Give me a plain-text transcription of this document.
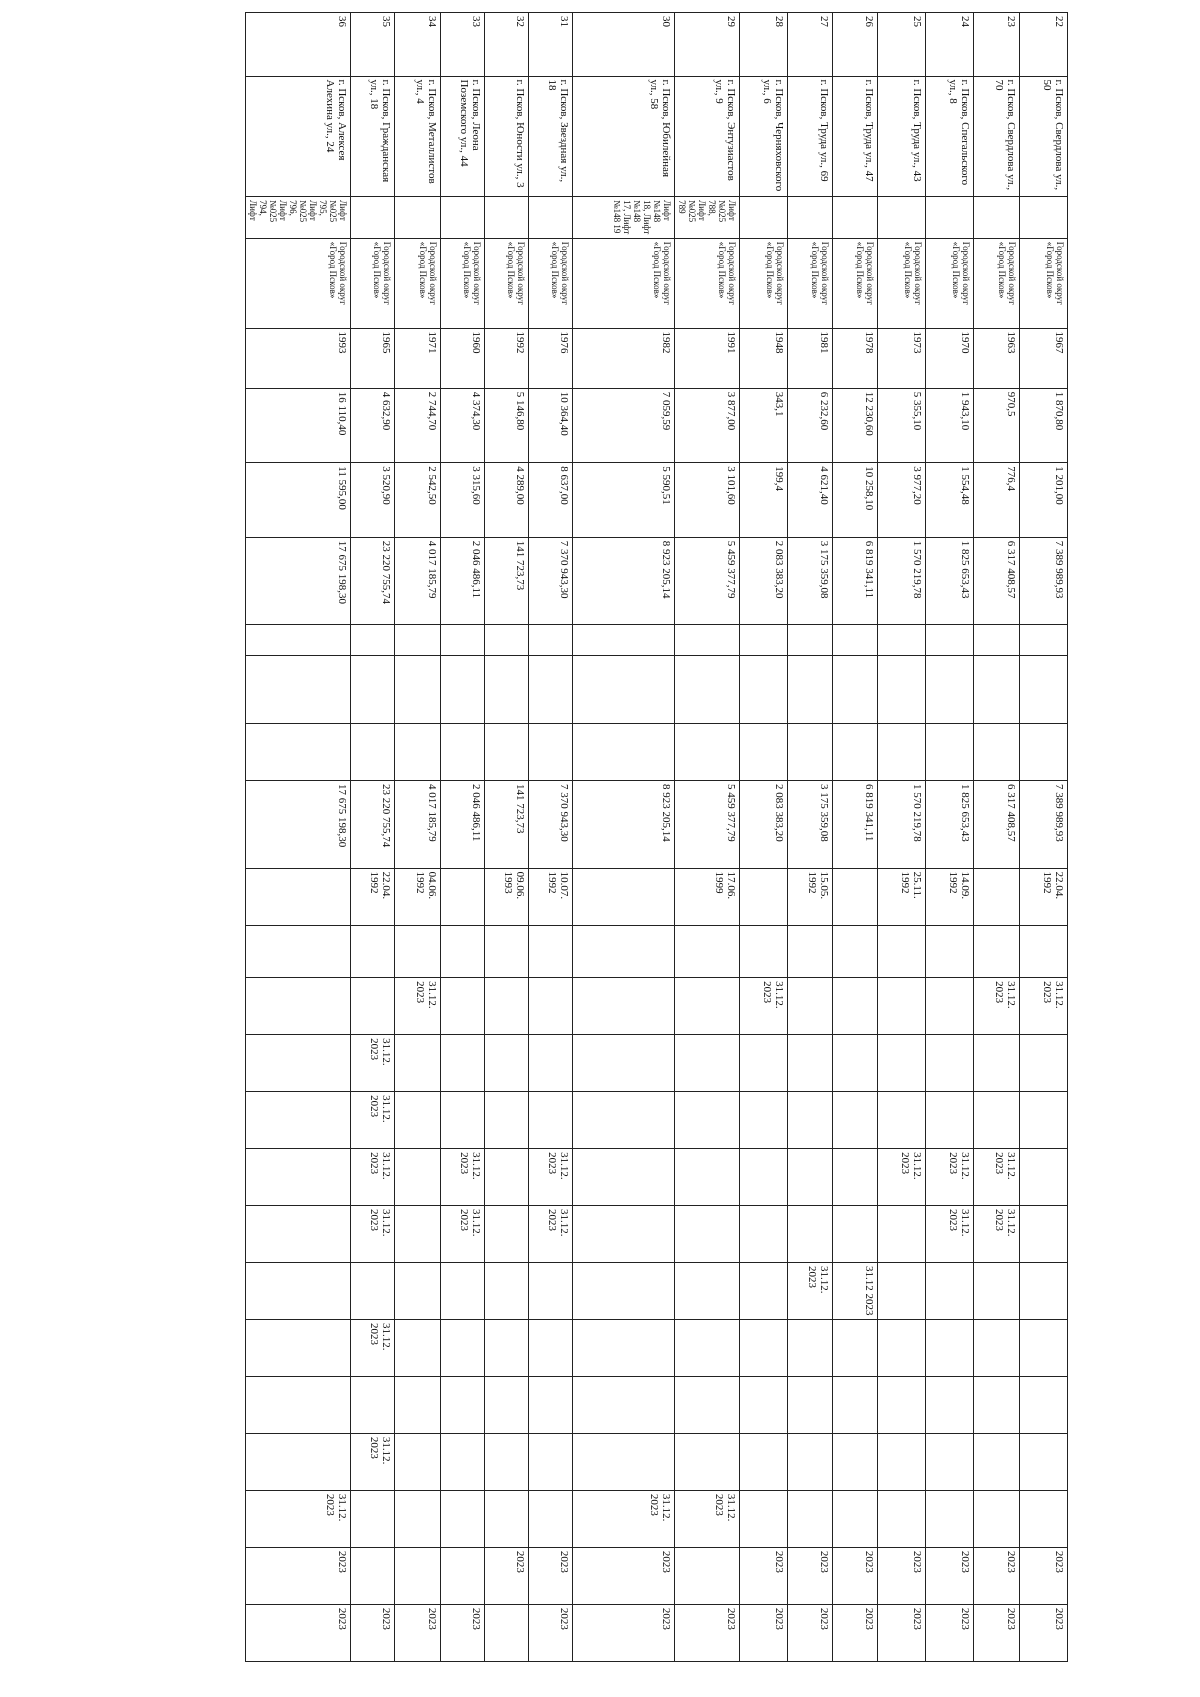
22	г. Псков, Свердлова ул., 50		Городской округ «Город Псков»	1967	1 870,80	1 201,00	7 389 989,93				7 389 989,93	22.04. 1992		31.12. 2023										2023	2023
23	г. Псков, Свердлова ул., 70		Городской округ «Город Псков»	1963	970,5	776,4	6 317 408,57				6 317 408,57			31.12. 2023			31.12. 2023	31.12. 2023						2023	2023
24	г. Псков, Спегальского ул., 8		Городской округ «Город Псков»	1970	1 943,10	1 554,48	1 825 653,43				1 825 653,43	14.09. 1992					31.12. 2023	31.12. 2023						2023	2023
25	г. Псков, Труда ул., 43		Городской округ «Город Псков»	1973	5 355,10	3 977,20	1 570 219,78				1 570 219,78	25.11. 1992					31.12. 2023							2023	2023
26	г. Псков, Труда ул., 47		Городской округ «Город Псков»	1978	12 230,60	10 258,10	6 819 341,11				6 819 341,11								31.12 2023					2023	2023
27	г. Псков, Труда ул., 69		Городской округ «Город Псков»	1981	6 232,60	4 621,40	3 175 359,08				3 175 359,08	15.05. 1992							31.12. 2023					2023	2023
28	г. Псков, Черняховского ул., 6		Городской округ «Город Псков»	1948	343,1	199,4	2 083 383,20				2 083 383,20			31.12. 2023										2023	2023
29	г. Псков, Энтузиастов ул., 9	Лифт №025 788, Лифт №025 789	Городской округ «Город Псков»	1991	3 877,00	3 101,60	5 459 377,79				5 459 377,79	17.06. 1999											31.12. 2023		2023
30	г. Псков, Юбилейная ул., 58	Лифт №148 18, Лифт №148 17, Лифт №148 19	Городской округ «Город Псков»	1982	7 059,59	5 590,51	8 923 205,14				8 923 205,14												31.12. 2023	2023	2023
31	г. Псков, Звездная ул., 18		Городской округ «Город Псков»	1976	10 364,40	8 637,00	7 370 943,30				7 370 943,30	10.07. 1992					31.12. 2023	31.12. 2023						2023	2023
32	г. Псков, Юности ул., 3		Городской округ «Город Псков»	1992	5 146,80	4 289,00	141 723,73				141 723,73	09.06. 1993												2023	
33	г. Псков, Леона Поземского ул., 44		Городской округ «Город Псков»	1960	4 374,30	3 315,60	2 046 486,11				2 046 486,11						31.12. 2023	31.12. 2023							2023
34	г. Псков, Металлистов ул., 4		Городской округ «Город Псков»	1971	2 744,70	2 542,50	4 017 185,79				4 017 185,79	04.06. 1992		31.12. 2023											2023
35	г. Псков, Гражданская ул., 18		Городской округ «Город Псков»	1965	4 632,90	3 520,90	23 220 755,74				23 220 755,74	22.04. 1992			31.12. 2023	31.12. 2023	31.12. 2023	31.12. 2023		31.12. 2023		31.12. 2023			2023
36	г. Псков, Алексея Алехина ул., 24	Лифт №025 795, Лифт №025 796, Лифт №025 794, Лифт	Городской округ «Город Псков»	1993	16 110,40	11 595,00	17 675 198,30				17 675 198,30												31.12. 2023	2023	2023
